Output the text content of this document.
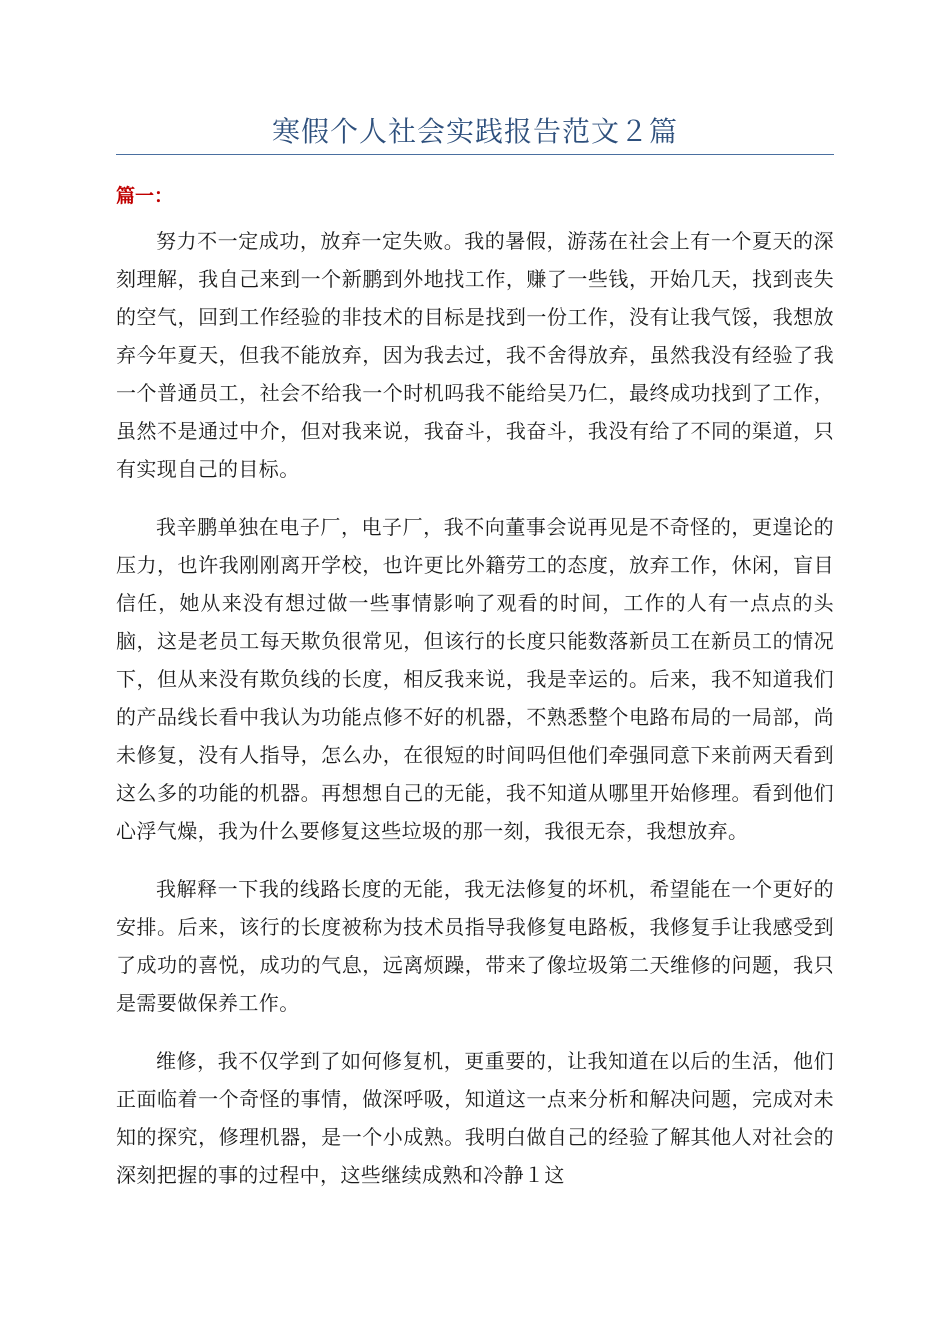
寒假个人社会实践报告范文２篇
篇一：

努力不一定成功，放弃一定失败。我的暑假，游荡在社会上有一个夏天的深刻理解，我自己来到一个新鹏到外地找工作，赚了一些钱，开始几天，找到丧失的空气，回到工作经验的非技术的目标是找到一份工作，没有让我气馁，我想放弃今年夏天，但我不能放弃，因为我去过，我不舍得放弃，虽然我没有经验了我一个普通员工，社会不给我一个时机吗我不能给吴乃仁，最终成功找到了工作，虽然不是通过中介，但对我来说，我奋斗，我奋斗，我没有给了不同的渠道，只有实现自己的目标。

我辛鹏单独在电子厂，电子厂，我不向董事会说再见是不奇怪的，更遑论的压力，也许我刚刚离开学校，也许更比外籍劳工的态度，放弃工作，休闲，盲目信任，她从来没有想过做一些事情影响了观看的时间，工作的人有一点点的头脑，这是老员工每天欺负很常见，但该行的长度只能数落新员工在新员工的情况下，但从来没有欺负线的长度，相反我来说，我是幸运的。后来，我不知道我们的产品线长看中我认为功能点修不好的机器，不熟悉整个电路布局的一局部，尚未修复，没有人指导，怎么办，在很短的时间吗但他们牵强同意下来前两天看到这么多的功能的机器。再想想自己的无能，我不知道从哪里开始修理。看到他们心浮气燥，我为什么要修复这些垃圾的那一刻，我很无奈，我想放弃。

我解释一下我的线路长度的无能，我无法修复的坏机，希望能在一个更好的安排。后来，该行的长度被称为技术员指导我修复电路板，我修复手让我感受到了成功的喜悦，成功的气息，远离烦躁，带来了像垃圾第二天维修的问题，我只是需要做保养工作。

维修，我不仅学到了如何修复机，更重要的，让我知道在以后的生活，他们正面临着一个奇怪的事情，做深呼吸，知道这一点来分析和解决问题，完成对未知的探究，修理机器，是一个小成熟。我明白做自己的经验了解其他人对社会的深刻把握的事的过程中，这些继续成熟和冷静１这
